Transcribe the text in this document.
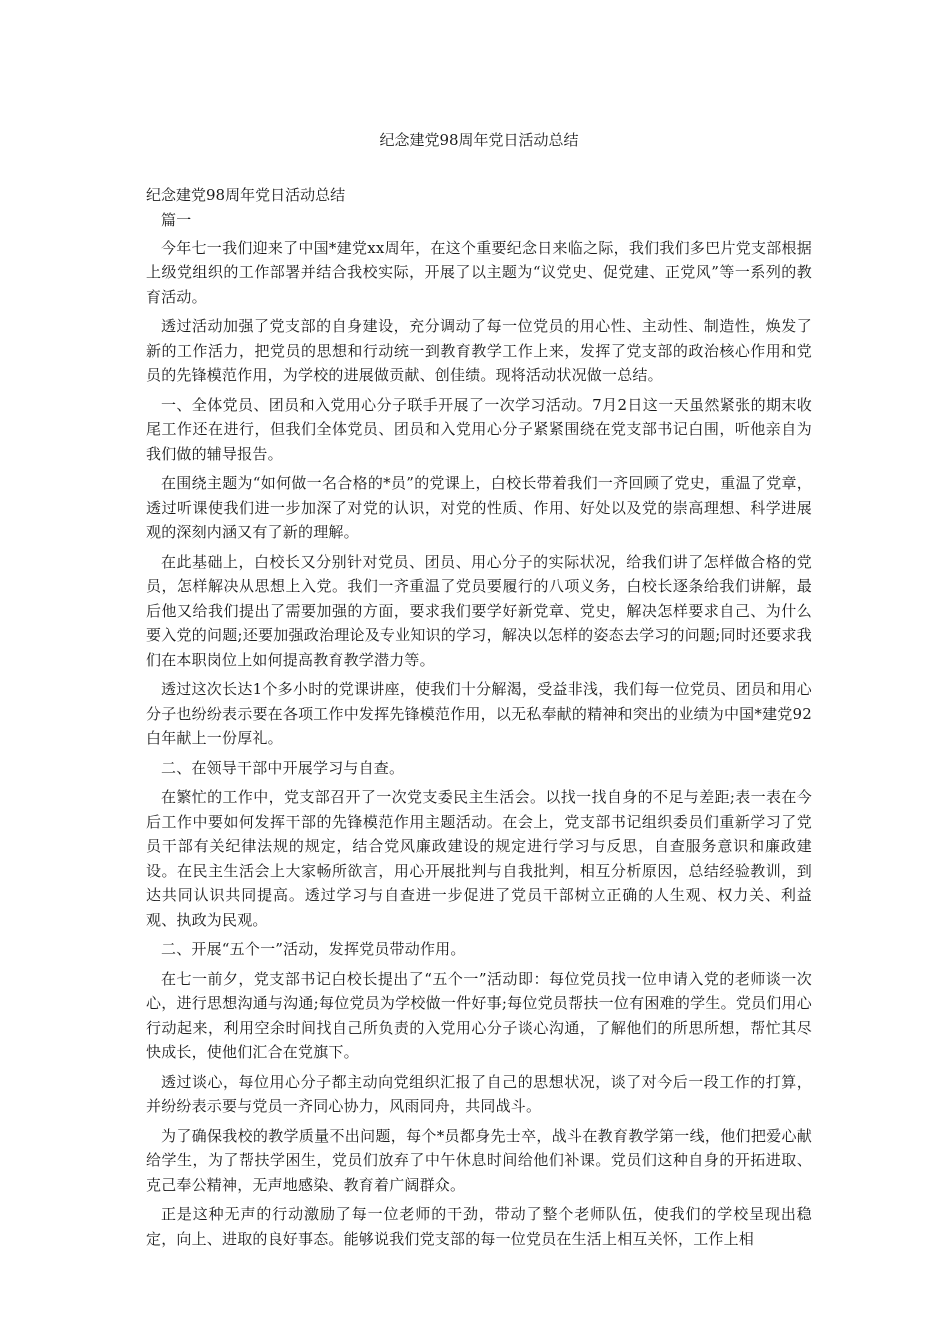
纪念建党98周年党日活动总结
纪念建党98周年党日活动总结
篇一
今年七一我们迎来了中国*建党xx周年，在这个重要纪念日来临之际，我们我们多巴片党支部根据上级党组织的工作部署并结合我校实际，开展了以主题为“议党史、促党建、正党风”等一系列的教育活动。
透过活动加强了党支部的自身建设，充分调动了每一位党员的用心性、主动性、制造性，焕发了新的工作活力，把党员的思想和行动统一到教育教学工作上来，发挥了党支部的政治核心作用和党员的先锋模范作用，为学校的进展做贡献、创佳绩。现将活动状况做一总结。
一、全体党员、团员和入党用心分子联手开展了一次学习活动。7月2日这一天虽然紧张的期末收尾工作还在进行，但我们全体党员、团员和入党用心分子紧紧围绕在党支部书记白围，听他亲自为我们做的辅导报告。
在围绕主题为“如何做一名合格的*员”的党课上，白校长带着我们一齐回顾了党史，重温了党章，透过听课使我们进一步加深了对党的认识，对党的性质、作用、好处以及党的崇高理想、科学进展观的深刻内涵又有了新的理解。
在此基础上，白校长又分别针对党员、团员、用心分子的实际状况，给我们讲了怎样做合格的党员，怎样解决从思想上入党。我们一齐重温了党员要履行的八项义务，白校长逐条给我们讲解，最后他又给我们提出了需要加强的方面，要求我们要学好新党章、党史，解决怎样要求自己、为什么要入党的问题;还要加强政治理论及专业知识的学习，解决以怎样的姿态去学习的问题;同时还要求我们在本职岗位上如何提高教育教学潜力等。
透过这次长达1个多小时的党课讲座，使我们十分解渴，受益非浅，我们每一位党员、团员和用心分子也纷纷表示要在各项工作中发挥先锋模范作用，以无私奉献的精神和突出的业绩为中国*建党92白年献上一份厚礼。
二、在领导干部中开展学习与自查。
在繁忙的工作中，党支部召开了一次党支委民主生活会。以找一找自身的不足与差距;表一表在今后工作中要如何发挥干部的先锋模范作用主题活动。在会上，党支部书记组织委员们重新学习了党员干部有关纪律法规的规定，结合党风廉政建设的规定进行学习与反思，自查服务意识和廉政建设。在民主生活会上大家畅所欲言，用心开展批判与自我批判，相互分析原因，总结经验教训，到达共同认识共同提高。透过学习与自查进一步促进了党员干部树立正确的人生观、权力关、利益观、执政为民观。
二、开展“五个一”活动，发挥党员带动作用。
在七一前夕，党支部书记白校长提出了“五个一”活动即：每位党员找一位申请入党的老师谈一次心，进行思想沟通与沟通;每位党员为学校做一件好事;每位党员帮扶一位有困难的学生。党员们用心行动起来，利用空余时间找自己所负责的入党用心分子谈心沟通，了解他们的所思所想，帮忙其尽快成长，使他们汇合在党旗下。
透过谈心，每位用心分子都主动向党组织汇报了自己的思想状况，谈了对今后一段工作的打算，并纷纷表示要与党员一齐同心协力，风雨同舟，共同战斗。
为了确保我校的教学质量不出问题，每个*员都身先士卒，战斗在教育教学第一线，他们把爱心献给学生，为了帮扶学困生，党员们放弃了中午休息时间给他们补课。党员们这种自身的开拓进取、克己奉公精神，无声地感染、教育着广阔群众。
正是这种无声的行动激励了每一位老师的干劲，带动了整个老师队伍，使我们的学校呈现出稳定，向上、进取的良好事态。能够说我们党支部的每一位党员在生活上相互关怀，工作上相
